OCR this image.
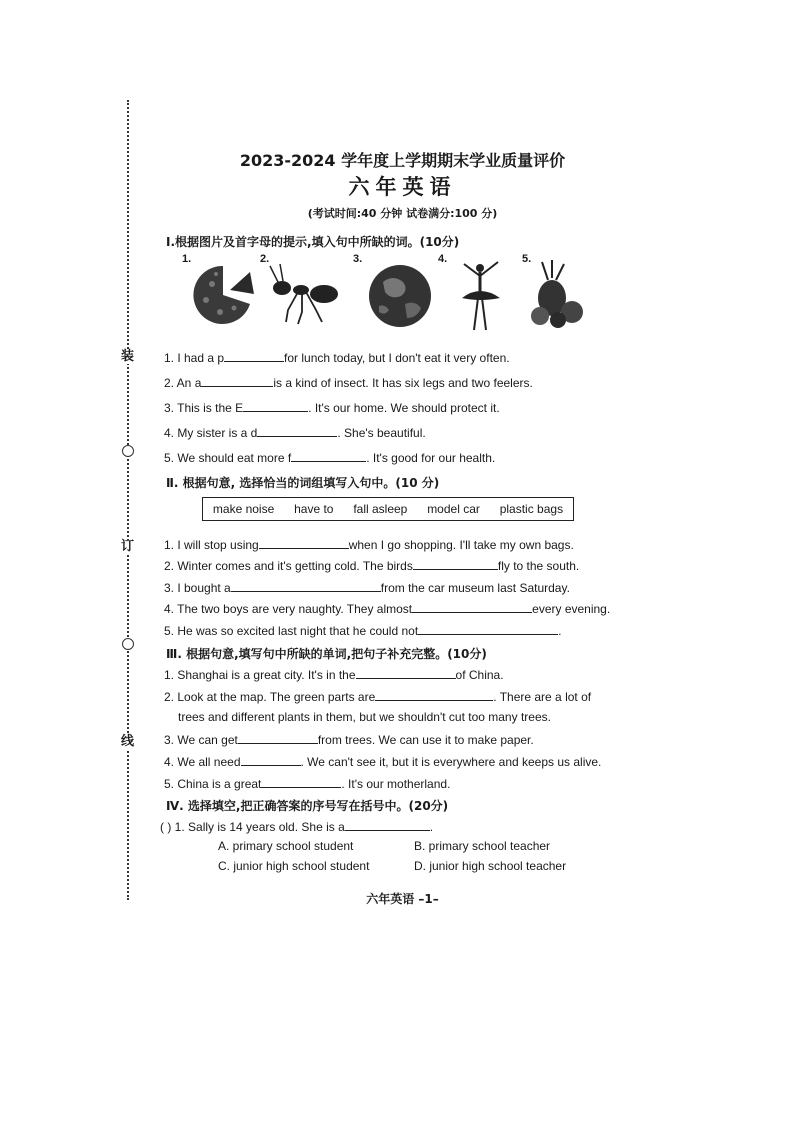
装
订
线
2023-2024 学年度上学期期末学业质量评价
六年英语
(考试时间:40 分钟 试卷满分:100 分)
Ⅰ.根据图片及首字母的提示,填入句中所缺的词。(10分)
1.	2.	3.	4.	5.
1. I had a p	for lunch today, but I don't eat it very often.
2. An a	is a kind of insect. It has six legs and two feelers.
3. This is the E	. It's our home. We should protect it.
4. My sister is a d	. She's beautiful.
5. We should eat more f	. It's good for our health.
Ⅱ. 根据句意, 选择恰当的词组填写入句中。(10 分)
make noise have to fall asleep model car plastic bags
1. I will stop using	when I go shopping. I'll take my own bags.
2. Winter comes and it's getting cold. The birds	fly to the south.
3. I bought a	from the car museum last Saturday.
4. The two boys are very naughty. They almost	every evening.
5. He was so excited last night that he could not	.
Ⅲ. 根据句意,填写句中所缺的单词,把句子补充完整。(10分)
1. Shanghai is a great city. It's in the	of China.
2. Look at the map. The green parts are	. There are a lot of
trees and different plants in them, but we shouldn't cut too many trees.
3. We can get	from trees. We can use it to make paper.
4. We all need	. We can't see it, but it is everywhere and keeps us alive.
5. China is a great	. It's our motherland.
Ⅳ. 选择填空,把正确答案的序号写在括号中。(20分)
( ) 1. Sally is 14 years old. She is a	.
A. primary school student	B. primary school teacher
C. junior high school student	D. junior high school teacher
六年英语 –1–
